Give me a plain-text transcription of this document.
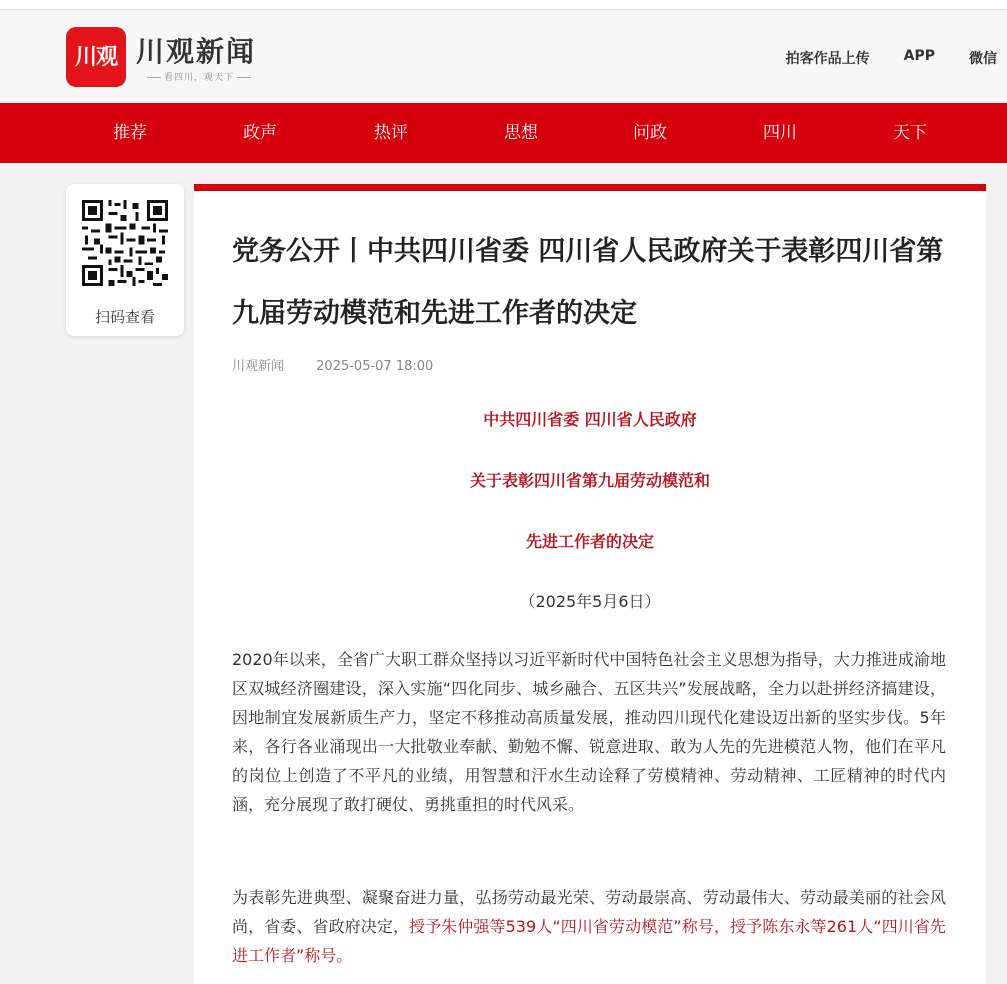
川观 川观新闻
看四川，观天下
拍客作品上传 APP 微信
推荐	政声	热评	思想	问政	四川	天下
扫码查看
党务公开丨中共四川省委 四川省人民政府关于表彰四川省第九届劳动模范和先进工作者的决定
川观新闻 2025-05-07 18:00
中共四川省委 四川省人民政府
关于表彰四川省第九届劳动模范和
先进工作者的决定
（2025年5月6日）

2020年以来，全省广大职工群众坚持以习近平新时代中国特色社会主义思想为指导，大力推进成渝地区双城经济圈建设，深入实施“四化同步、城乡融合、五区共兴”发展战略，全力以赴拼经济搞建设，因地制宜发展新质生产力，坚定不移推动高质量发展，推动四川现代化建设迈出新的坚实步伐。5年来，各行各业涌现出一大批敬业奉献、勤勉不懈、锐意进取、敢为人先的先进模范人物，他们在平凡的岗位上创造了不平凡的业绩，用智慧和汗水生动诠释了劳模精神、劳动精神、工匠精神的时代内涵，充分展现了敢打硬仗、勇挑重担的时代风采。

为表彰先进典型、凝聚奋进力量，弘扬劳动最光荣、劳动最崇高、劳动最伟大、劳动最美丽的社会风尚，省委、省政府决定，授予朱仲强等539人“四川省劳动模范”称号，授予陈东永等261人“四川省先进工作者”称号。
